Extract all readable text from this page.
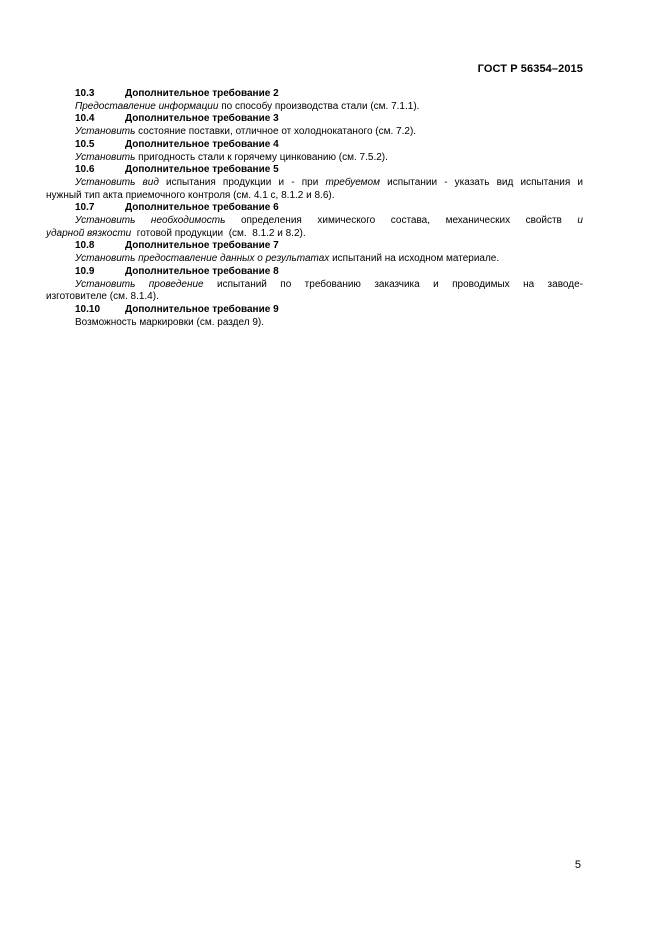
ГОСТ Р 56354–2015
10.3	Дополнительное требование 2
Предоставление информации по способу производства стали (см. 7.1.1).
10.4	Дополнительное требование 3
Установить состояние поставки, отличное от холоднокатаного (см. 7.2).
10.5	Дополнительное требование 4
Установить пригодность стали к горячему цинкованию (см. 7.5.2).
10.6	Дополнительное требование 5
Установить вид испытания продукции и - при требуемом испытании - указать вид испытания и
нужный тип акта приемочного контроля (см. 4.1 с, 8.1.2 и 8.6).
10.7	Дополнительное требование 6
Установить необходимость определения химического состава, механических свойств и
ударной вязкости  готовой продукции  (см.  8.1.2 и 8.2).
10.8	Дополнительное требование 7
Установить предоставление данных о результатах испытаний на исходном материале.
10.9	Дополнительное требование 8
Установить проведение испытаний по требованию заказчика и проводимых на заводе-
изготовителе (см. 8.1.4).
10.10 Дополнительное требование 9
Возможность маркировки (см. раздел 9).
5
